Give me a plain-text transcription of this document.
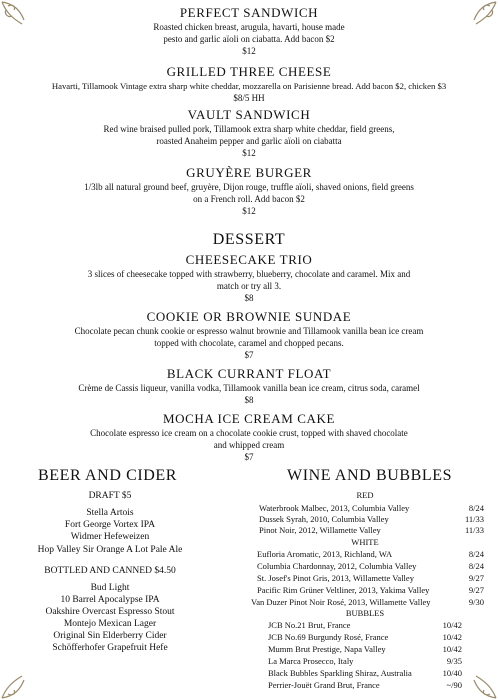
PERFECT SANDWICH
Roasted chicken breast, arugula, havarti, house made
pesto and garlic aïoli on ciabatta. Add bacon $2
$12
GRILLED THREE CHEESE
Havarti, Tillamook Vintage extra sharp white cheddar, mozzarella on Parisienne bread. Add bacon $2, chicken $3
$8/5 HH
VAULT SANDWICH
Red wine braised pulled pork, Tillamook extra sharp white cheddar, field greens,
roasted Anaheim pepper and garlic aïoli on ciabatta
$12
GRUYÈRE BURGER
1/3lb all natural ground beef, gruyère, Dijon rouge, truffle aïoli, shaved onions, field greens
on a French roll. Add bacon $2
$12
DESSERT
CHEESECAKE TRIO
3 slices of cheesecake topped with strawberry, blueberry, chocolate and caramel. Mix and
match or try all 3.
$8
COOKIE OR BROWNIE SUNDAE
Chocolate pecan chunk cookie or espresso walnut brownie and Tillamook vanilla bean ice cream
topped with chocolate, caramel and chopped pecans.
$7
BLACK CURRANT FLOAT
Crème de Cassis liqueur, vanilla vodka, Tillamook vanilla bean ice cream, citrus soda, caramel
$8
MOCHA ICE CREAM CAKE
Chocolate espresso ice cream on a chocolate cookie crust, topped with shaved chocolate
and whipped cream
$7
BEER AND CIDER
DRAFT $5
Stella Artois
Fort George Vortex IPA
Widmer Hefeweizen
Hop Valley Sir Orange A Lot Pale Ale
BOTTLED AND CANNED $4.50
Bud Light
10 Barrel Apocalypse IPA
Oakshire Overcast Espresso Stout
Montejo Mexican Lager
Original Sin Elderberry Cider
Schöfferhofer Grapefruit Hefe
WINE AND BUBBLES
RED
Waterbrook Malbec, 2013, Columbia Valley	8/24
Dussek Syrah, 2010, Columbia Valley	11/33
Pinot Noir, 2012, Willamette Valley	11/33
WHITE
Eufloria Aromatic, 2013, Richland, WA	8/24
Columbia Chardonnay, 2012, Columbia Valley	8/24
St. Josef's Pinot Gris, 2013, Willamette Valley	9/27
Pacific Rim Grüner Veltliner, 2013, Yakima Valley	9/27
Van Duzer Pinot Noir Rosé, 2013, Willamette Valley	9/30
BUBBLES
JCB No.21 Brut, France	10/42
JCB No.69 Burgundy Rosé, France	10/42
Mumm Brut Prestige, Napa Valley	10/42
La Marca Prosecco, Italy	9/35
Black Bubbles Sparkling Shiraz, Australia	10/40
Perrier-Jouët Grand Brut, France	~/90
